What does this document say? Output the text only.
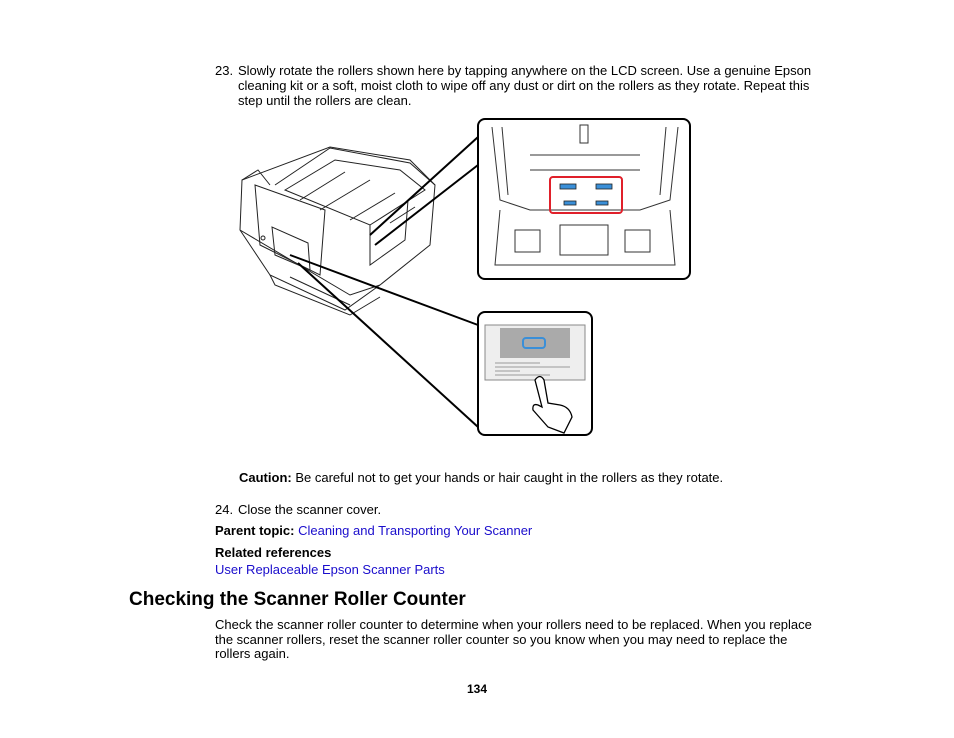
23. Slowly rotate the rollers shown here by tapping anywhere on the LCD screen. Use a genuine Epson cleaning kit or a soft, moist cloth to wipe off any dust or dirt on the rollers as they rotate. Repeat this step until the rollers are clean.
Caution: Be careful not to get your hands or hair caught in the rollers as they rotate.
24. Close the scanner cover.
Parent topic: Cleaning and Transporting Your Scanner
Related references
User Replaceable Epson Scanner Parts
Checking the Scanner Roller Counter
Check the scanner roller counter to determine when your rollers need to be replaced. When you replace the scanner rollers, reset the scanner roller counter so you know when you may need to replace the rollers again.
134
